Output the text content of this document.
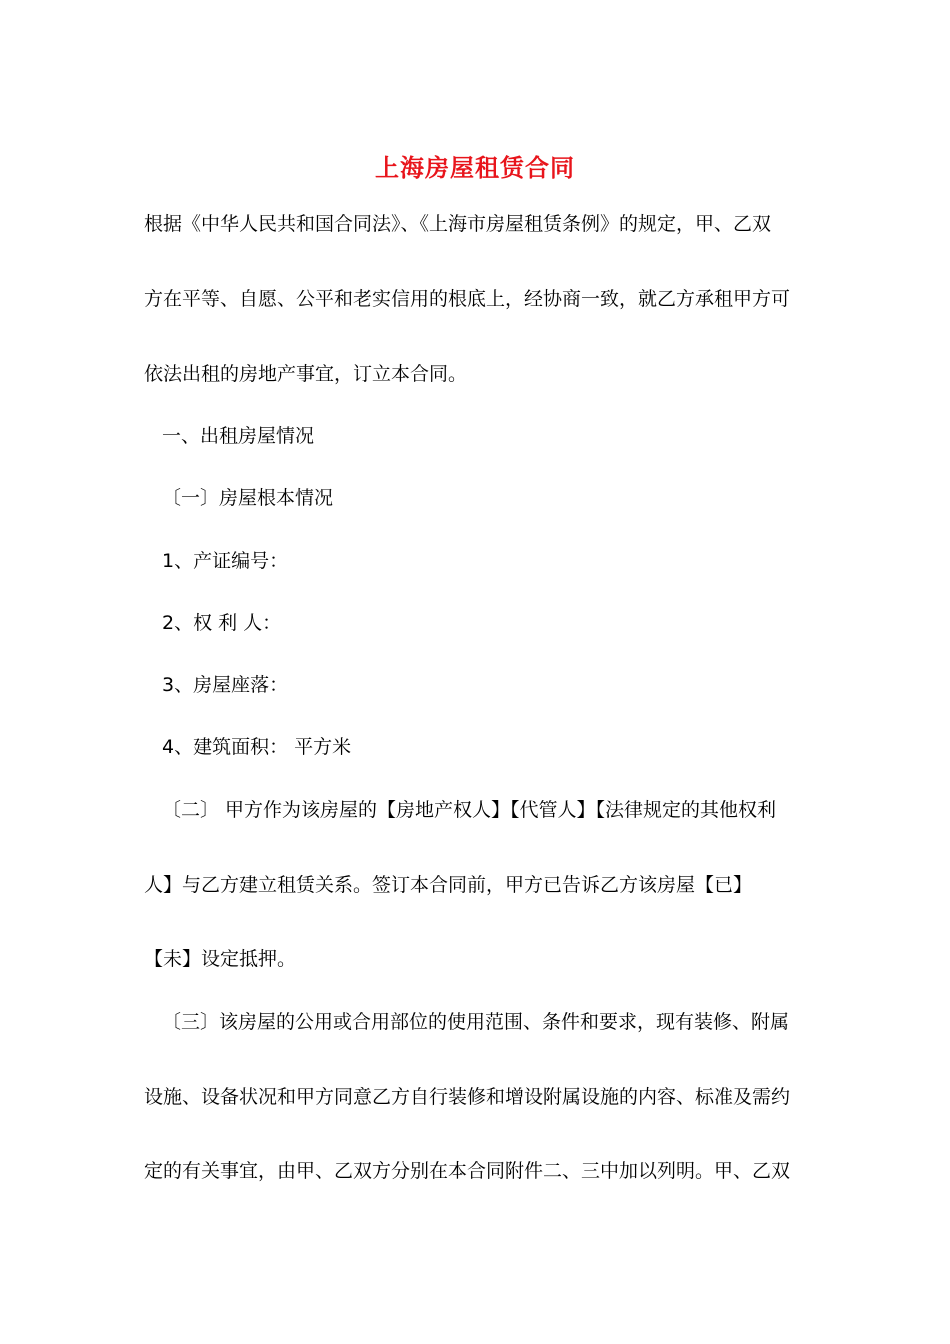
上海房屋租赁合同
根据《中华人民共和国合同法》、《上海市房屋租赁条例》的规定，甲、乙双
方在平等、自愿、公平和老实信用的根底上，经协商一致，就乙方承租甲方可
依法出租的房地产事宜，订立本合同。
一、出租房屋情况
〔一〕房屋根本情况
1、产证编号：
2、权 利 人：
3、房屋座落：
4、建筑面积： 平方米
〔二〕 甲方作为该房屋的【房地产权人】【代管人】【法律规定的其他权利
人】与乙方建立租赁关系。签订本合同前，甲方已告诉乙方该房屋【已】
【未】设定抵押。
〔三〕该房屋的公用或合用部位的使用范围、条件和要求，现有装修、附属
设施、设备状况和甲方同意乙方自行装修和增设附属设施的内容、标准及需约
定的有关事宜，由甲、乙双方分别在本合同附件二、三中加以列明。甲、乙双
